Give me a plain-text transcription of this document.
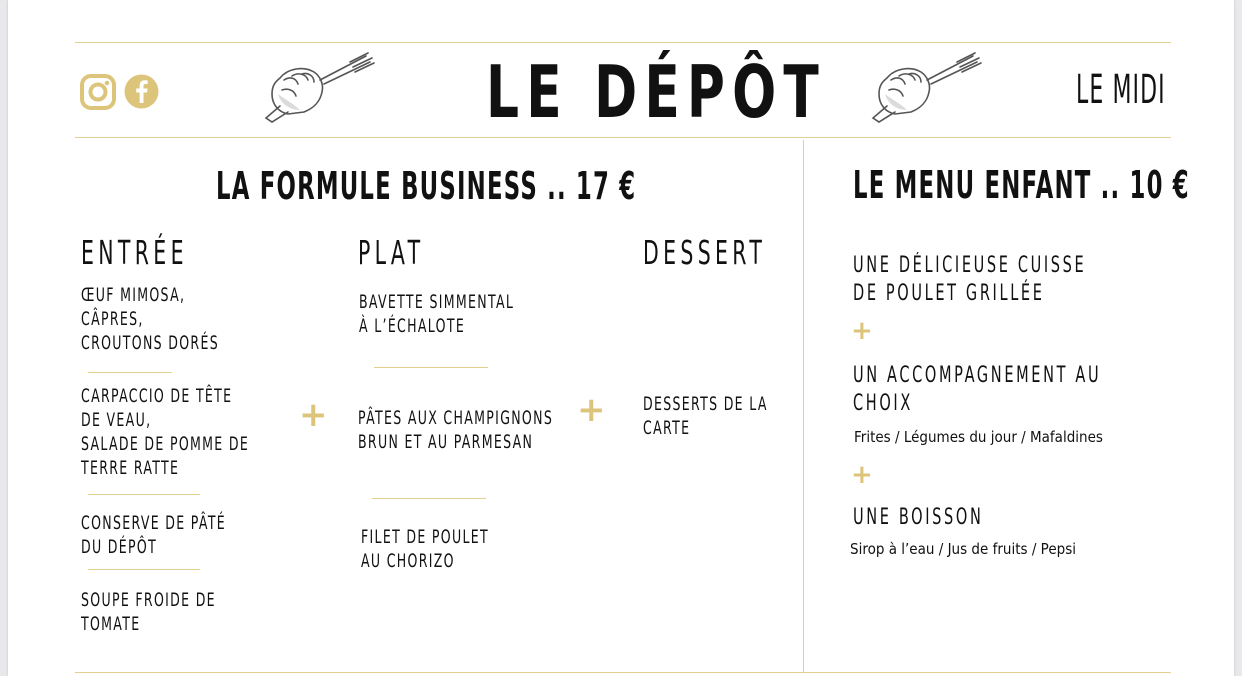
LE DÉPÔT	LE MIDI
LA FORMULE BUSINESS .. 17 €
ENTRÉE	PLAT	DESSERT
ŒUF MIMOSA,
CÂPRES,
CROUTONS DORÉS
CARPACCIO DE TÊTE
DE VEAU,
SALADE DE POMME DE
TERRE RATTE
CONSERVE DE PÂTÉ
DU DÉPÔT
SOUPE FROIDE DE
TOMATE
+
BAVETTE SIMMENTAL
À L’ÉCHALOTE
PÂTES AUX CHAMPIGNONS
BRUN ET AU PARMESAN
FILET DE POULET
AU CHORIZO
+ DESSERTS DE LA
CARTE
LE MENU ENFANT .. 10 €
UNE DÉLICIEUSE CUISSE
DE POULET GRILLÉE
+
UN ACCOMPAGNEMENT AU
CHOIX
Frites / Légumes du jour / Mafaldines
+
UNE BOISSON
Sirop à l’eau / Jus de fruits / Pepsi
